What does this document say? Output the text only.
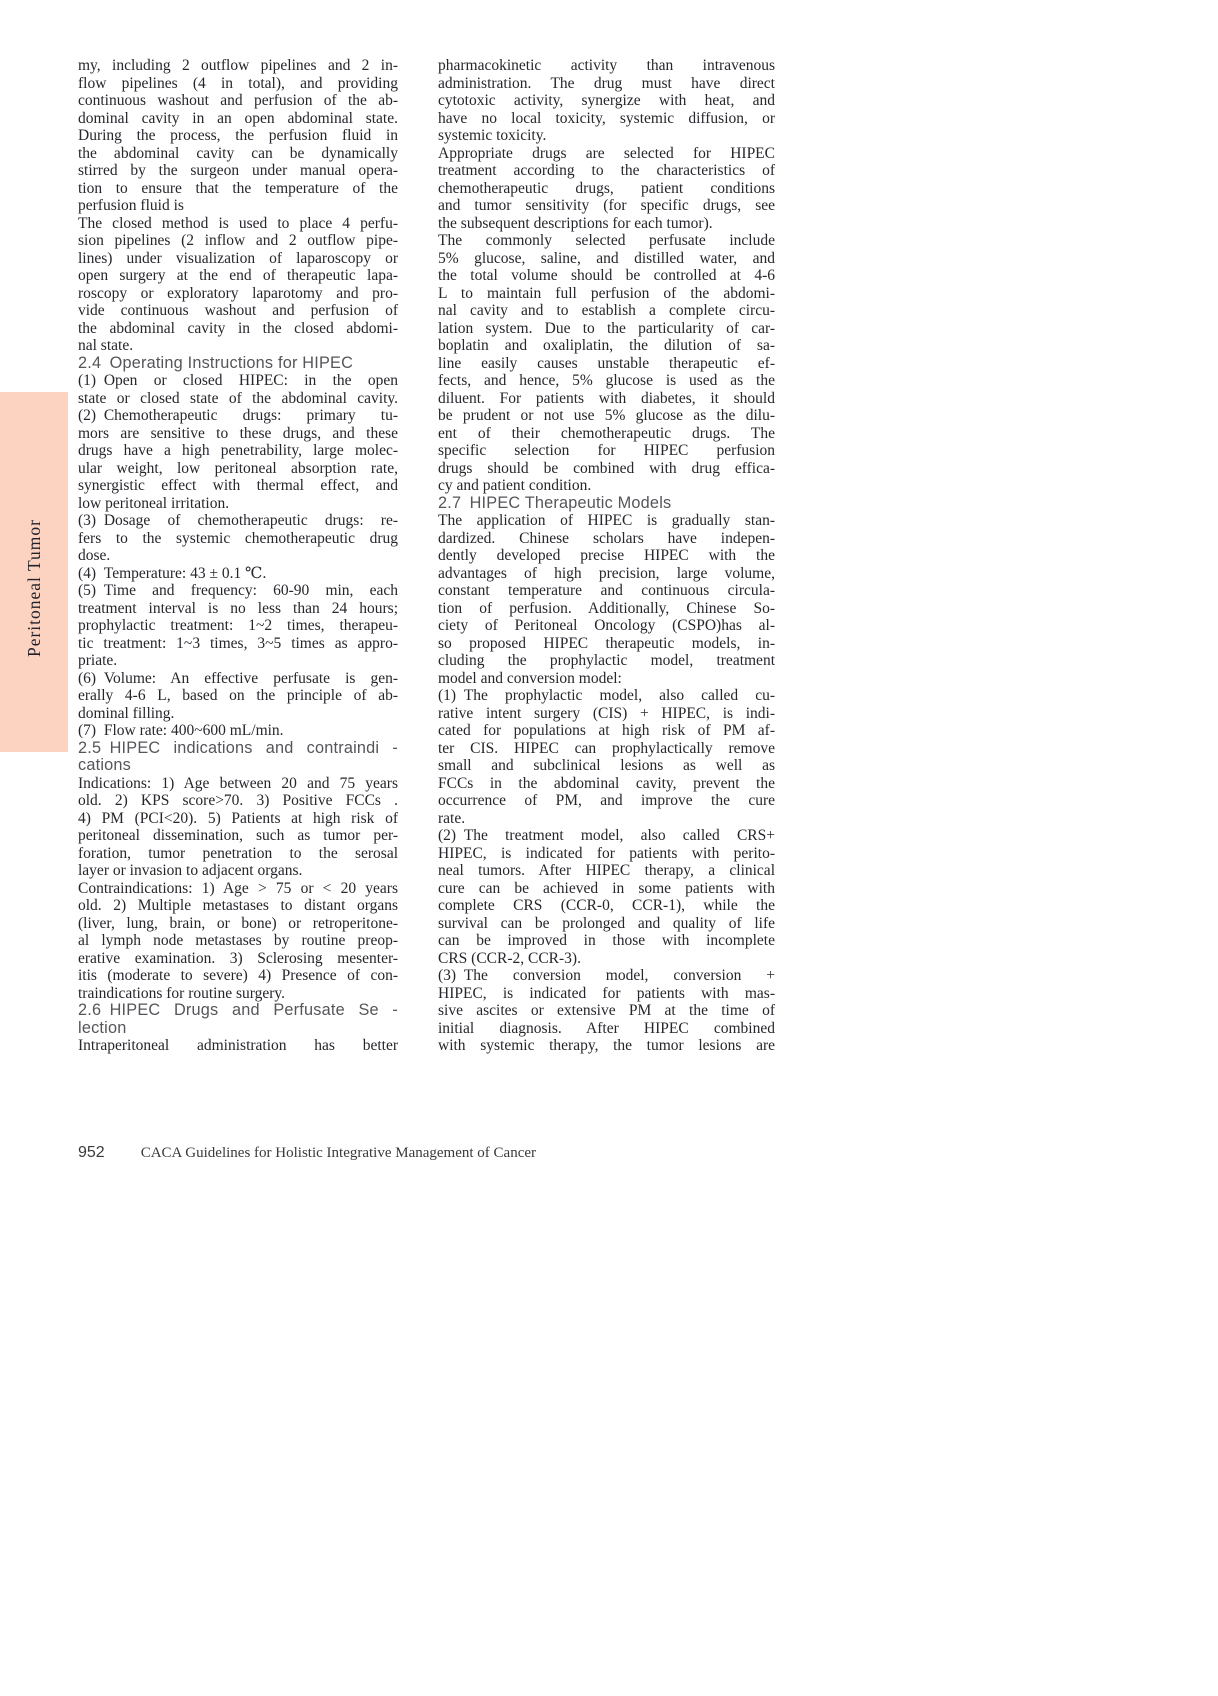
Peritoneal Tumor
my, including 2 outflow pipelines and 2 in-
flow pipelines (4 in total), and providing
continuous washout and perfusion of the ab-
dominal cavity in an open abdominal state.
During the process, the perfusion fluid in
the abdominal cavity can be dynamically
stirred by the surgeon under manual opera-
tion to ensure that the temperature of the
perfusion fluid is
The closed method is used to place 4 perfu-
sion pipelines (2 inflow and 2 outflow pipe-
lines) under visualization of laparoscopy or
open surgery at the end of therapeutic lapa-
roscopy or exploratory laparotomy and pro-
vide continuous washout and perfusion of
the abdominal cavity in the closed abdomi-
nal state.
2.4 Operating Instructions for HIPEC
(1) Open or closed HIPEC: in the open
state or closed state of the abdominal cavity.
(2) Chemotherapeutic drugs: primary tu-
mors are sensitive to these drugs, and these
drugs have a high penetrability, large molec-
ular weight, low peritoneal absorption rate,
synergistic effect with thermal effect, and
low peritoneal irritation.
(3) Dosage of chemotherapeutic drugs: re-
fers to the systemic chemotherapeutic drug
dose.
(4) Temperature: 43 ± 0.1 ℃.
(5) Time and frequency: 60-90 min, each
treatment interval is no less than 24 hours;
prophylactic treatment: 1~2 times, therapeu-
tic treatment: 1~3 times, 3~5 times as appro-
priate.
(6) Volume: An effective perfusate is gen-
erally 4-6 L, based on the principle of ab-
dominal filling.
(7) Flow rate: 400~600 mL/min.
2.5 HIPEC indications and contraindi -
cations
Indications: 1) Age between 20 and 75 years
old. 2) KPS score>70. 3) Positive FCCs .
4) PM (PCI<20). 5) Patients at high risk of
peritoneal dissemination, such as tumor per-
foration, tumor penetration to the serosal
layer or invasion to adjacent organs.
Contraindications: 1) Age > 75 or < 20 years
old. 2) Multiple metastases to distant organs
(liver, lung, brain, or bone) or retroperitone-
al lymph node metastases by routine preop-
erative examination. 3) Sclerosing mesenter-
itis (moderate to severe) 4) Presence of con-
traindications for routine surgery.
2.6 HIPEC Drugs and Perfusate Se -
lection
Intraperitoneal administration has better
pharmacokinetic activity than intravenous
administration. The drug must have direct
cytotoxic activity, synergize with heat, and
have no local toxicity, systemic diffusion, or
systemic toxicity.
Appropriate drugs are selected for HIPEC
treatment according to the characteristics of
chemotherapeutic drugs, patient conditions
and tumor sensitivity (for specific drugs, see
the subsequent descriptions for each tumor).
The commonly selected perfusate include
5% glucose, saline, and distilled water, and
the total volume should be controlled at 4-6
L to maintain full perfusion of the abdomi-
nal cavity and to establish a complete circu-
lation system. Due to the particularity of car-
boplatin and oxaliplatin, the dilution of sa-
line easily causes unstable therapeutic ef-
fects, and hence, 5% glucose is used as the
diluent. For patients with diabetes, it should
be prudent or not use 5% glucose as the dilu-
ent of their chemotherapeutic drugs. The
specific selection for HIPEC perfusion
drugs should be combined with drug effica-
cy and patient condition.
2.7 HIPEC Therapeutic Models
The application of HIPEC is gradually stan-
dardized. Chinese scholars have indepen-
dently developed precise HIPEC with the
advantages of high precision, large volume,
constant temperature and continuous circula-
tion of perfusion. Additionally, Chinese So-
ciety of Peritoneal Oncology (CSPO)has al-
so proposed HIPEC therapeutic models, in-
cluding the prophylactic model, treatment
model and conversion model:
(1) The prophylactic model, also called cu-
rative intent surgery (CIS) + HIPEC, is indi-
cated for populations at high risk of PM af-
ter CIS. HIPEC can prophylactically remove
small and subclinical lesions as well as
FCCs in the abdominal cavity, prevent the
occurrence of PM, and improve the cure
rate.
(2) The treatment model, also called CRS+
HIPEC, is indicated for patients with perito-
neal tumors. After HIPEC therapy, a clinical
cure can be achieved in some patients with
complete CRS (CCR-0, CCR-1), while the
survival can be prolonged and quality of life
can be improved in those with incomplete
CRS (CCR-2, CCR-3).
(3) The conversion model, conversion +
HIPEC, is indicated for patients with mas-
sive ascites or extensive PM at the time of
initial diagnosis. After HIPEC combined
with systemic therapy, the tumor lesions are
952 CACA Guidelines for Holistic Integrative Management of Cancer
